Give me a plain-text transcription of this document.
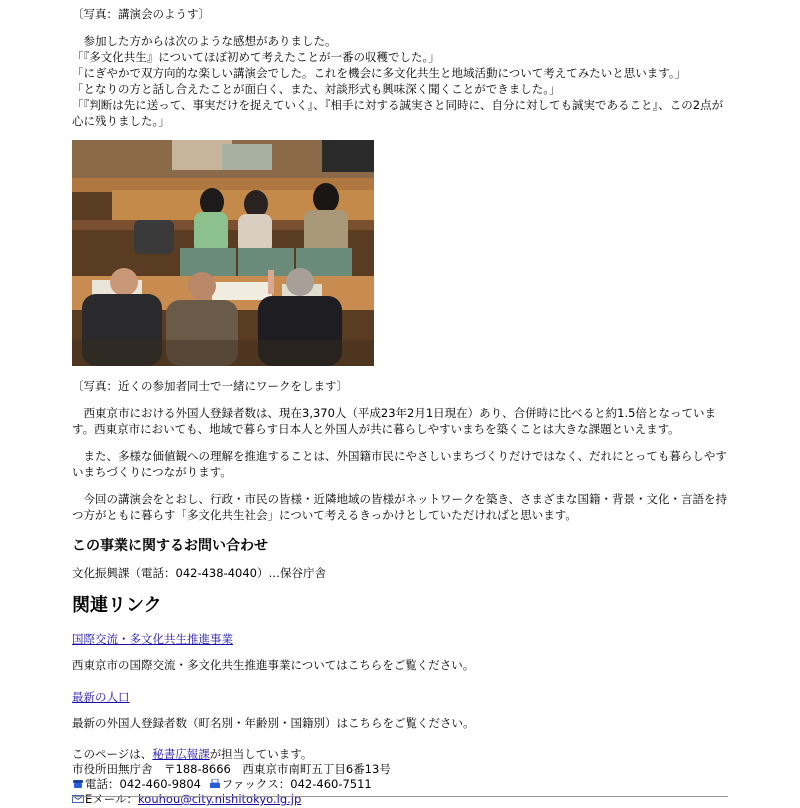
〔写真：講演会のようす〕

参加した方からは次のような感想がありました。

「『多文化共生』についてほぼ初めて考えたことが一番の収穫でした。」

「にぎやかで双方向的な楽しい講演会でした。これを機会に多文化共生と地域活動について考えてみたいと思います。」

「となりの方と話し合えたことが面白く、また、対談形式も興味深く聞くことができました。」

「『判断は先に送って、事実だけを捉えていく』、『相手に対する誠実さと同時に、自分に対しても誠実であること』、この2点が心に残りました。」

〔写真：近くの参加者同士で一緒にワークをします〕

西東京市における外国人登録者数は、現在3,370人（平成23年2月1日現在）あり、合併時に比べると約1.5倍となっています。西東京市においても、地域で暮らす日本人と外国人が共に暮らしやすいまちを築くことは大きな課題といえます。

また、多様な価値観への理解を推進することは、外国籍市民にやさしいまちづくりだけではなく、だれにとっても暮らしやすいまちづくりにつながります。

今回の講演会をとおし、行政・市民の皆様・近隣地域の皆様がネットワークを築き、さまざまな国籍・背景・文化・言語を持つ方がともに暮らす「多文化共生社会」について考えるきっかけとしていただければと思います。

この事業に関するお問い合わせ

文化振興課（電話：042-438-4040）…保谷庁舎

関連リンク

国際交流・多文化共生推進事業

西東京市の国際交流・多文化共生推進事業についてはこちらをご覧ください。

最新の人口

最新の外国人登録者数（町名別・年齢別・国籍別）はこちらをご覧ください。

このページは、秘書広報課が担当しています。

市役所田無庁舎　〒188-8666　西東京市南町五丁目6番13号

電話：042-460-9804 ファックス：042-460-7511

Eメール：kouhou@city.nishitokyo.lg.jp
